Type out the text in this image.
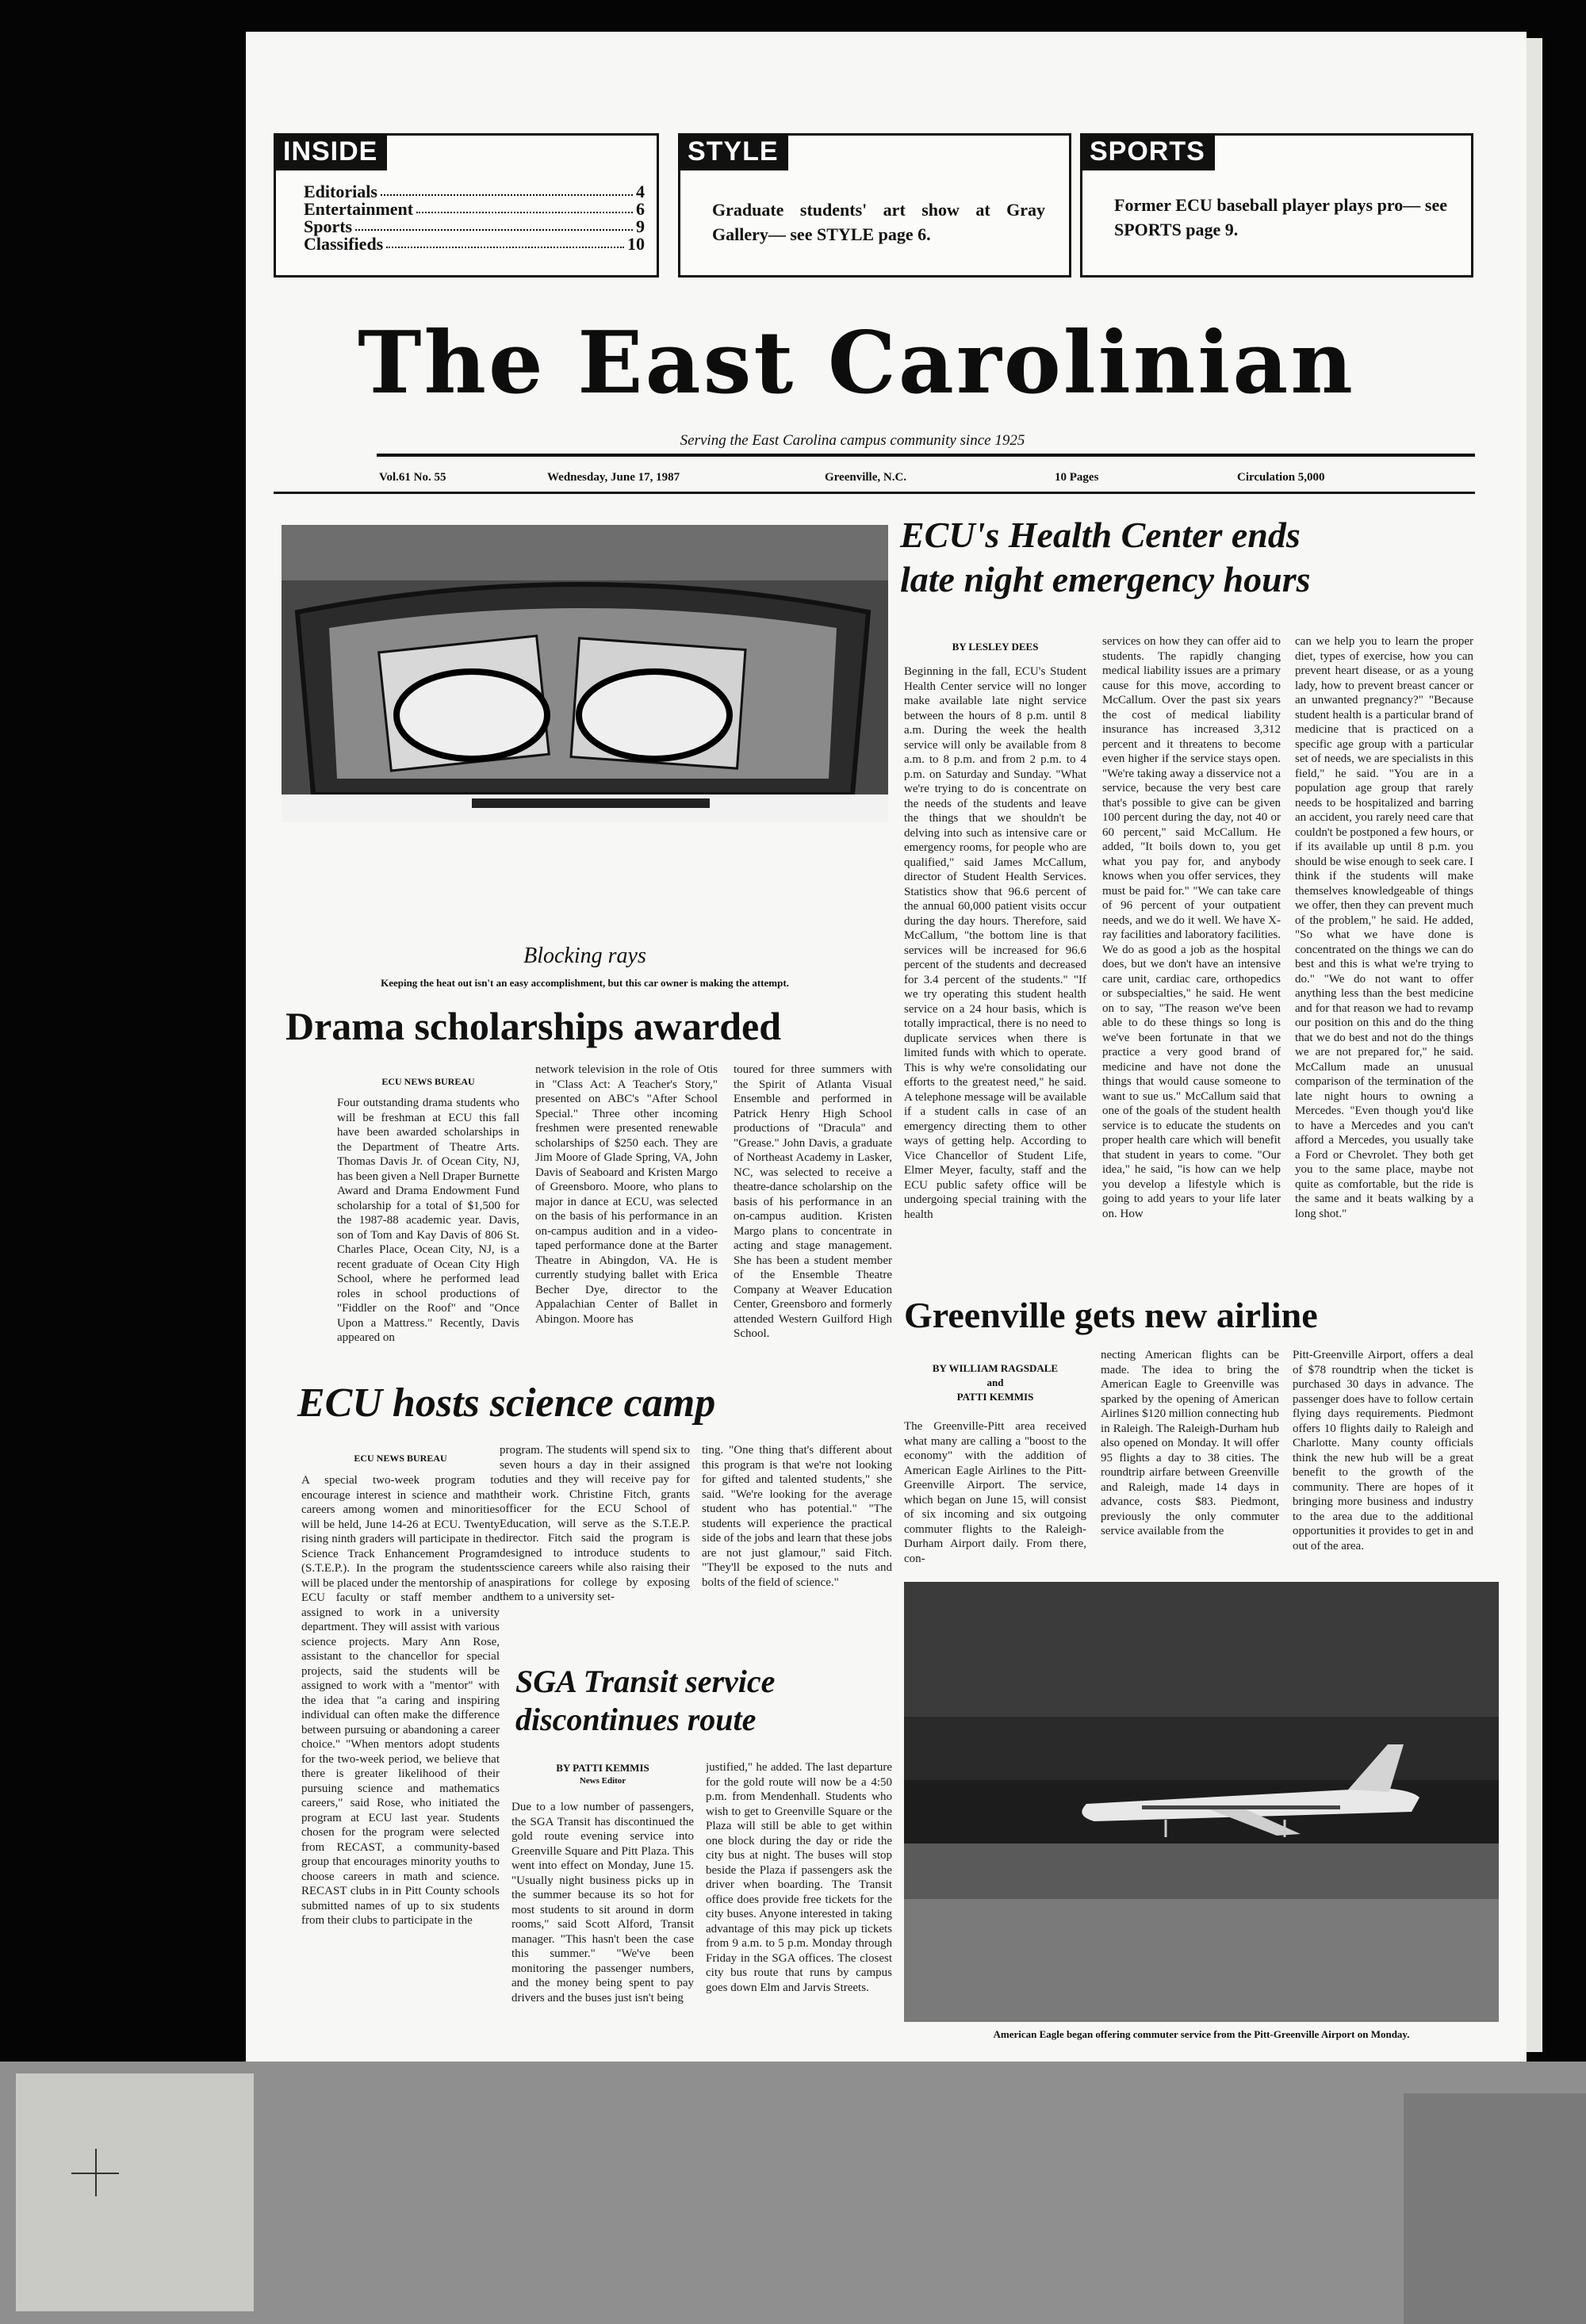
INSIDE
Editorials	4
Entertainment	6
Sports	9
Classifieds	10
STYLE
Graduate students' art show at Gray Gallery— see STYLE page 6.
SPORTS
Former ECU baseball player plays pro— see SPORTS page 9.
The East Carolinian
Serving the East Carolina campus community since 1925
Vol.61 No. 55	Wednesday, June 17, 1987	Greenville, N.C.	10 Pages	Circulation 5,000
Blocking rays
Keeping the heat out isn't an easy accomplishment, but this car owner is making the attempt.
ECU's Health Center ends
late night emergency hours
BY LESLEY DEES
Beginning in the fall, ECU's Student Health Center service will no longer make available late night service between the hours of 8 p.m. until 8 a.m. During the week the health service will only be available from 8 a.m. to 8 p.m. and from 2 p.m. to 4 p.m. on Saturday and Sunday. "What we're trying to do is concentrate on the needs of the students and leave the things that we shouldn't be delving into such as intensive care or emergency rooms, for people who are qualified," said James McCallum, director of Student Health Services. Statistics show that 96.6 percent of the annual 60,000 patient visits occur during the day hours. Therefore, said McCallum, "the bottom line is that services will be increased for 96.6 percent of the students and decreased for 3.4 percent of the students." "If we try operating this student health service on a 24 hour basis, which is totally impractical, there is no need to duplicate services when there is limited funds with which to operate. This is why we're consolidating our efforts to the greatest need," he said. A telephone message will be available if a student calls in case of an emergency directing them to other ways of getting help. According to Vice Chancellor of Student Life, Elmer Meyer, faculty, staff and the ECU public safety office will be undergoing special training with the health
services on how they can offer aid to students. The rapidly changing medical liability issues are a primary cause for this move, according to McCallum. Over the past six years the cost of medical liability insurance has increased 3,312 percent and it threatens to become even higher if the service stays open. "We're taking away a disservice not a service, because the very best care that's possible to give can be given 100 percent during the day, not 40 or 60 percent," said McCallum. He added, "It boils down to, you get what you pay for, and anybody knows when you offer services, they must be paid for." "We can take care of 96 percent of your outpatient needs, and we do it well. We have X-ray facilities and laboratory facilities. We do as good a job as the hospital does, but we don't have an intensive care unit, cardiac care, orthopedics or subspecialties," he said. He went on to say, "The reason we've been able to do these things so long is we've been fortunate in that we practice a very good brand of medicine and have not done the things that would cause someone to want to sue us." McCallum said that one of the goals of the student health service is to educate the students on proper health care which will benefit that student in years to come. "Our idea," he said, "is how can we help you develop a lifestyle which is going to add years to your life later on. How
can we help you to learn the proper diet, types of exercise, how you can prevent heart disease, or as a young lady, how to prevent breast cancer or an unwanted pregnancy?" "Because student health is a particular brand of medicine that is practiced on a specific age group with a particular set of needs, we are specialists in this field," he said. "You are in a population age group that rarely needs to be hospitalized and barring an accident, you rarely need care that couldn't be postponed a few hours, or if its available up until 8 p.m. you should be wise enough to seek care. I think if the students will make themselves knowledgeable of things we offer, then they can prevent much of the problem," he said. He added, "So what we have done is concentrated on the things we can do best and this is what we're trying to do." "We do not want to offer anything less than the best medicine and for that reason we had to revamp our position on this and do the thing that we do best and not do the things we are not prepared for," he said. McCallum made an unusual comparison of the termination of the late night hours to owning a Mercedes. "Even though you'd like to have a Mercedes and you can't afford a Mercedes, you usually take a Ford or Chevrolet. They both get you to the same place, maybe not quite as comfortable, but the ride is the same and it beats walking by a long shot."
Drama scholarships awarded
ECU NEWS BUREAU
Four outstanding drama students who will be freshman at ECU this fall have been awarded scholarships in the Department of Theatre Arts. Thomas Davis Jr. of Ocean City, NJ, has been given a Nell Draper Burnette Award and Drama Endowment Fund scholarship for a total of $1,500 for the 1987-88 academic year. Davis, son of Tom and Kay Davis of 806 St. Charles Place, Ocean City, NJ, is a recent graduate of Ocean City High School, where he performed lead roles in school productions of "Fiddler on the Roof" and "Once Upon a Mattress." Recently, Davis appeared on
network television in the role of Otis in "Class Act: A Teacher's Story," presented on ABC's "After School Special." Three other incoming freshmen were presented renewable scholarships of $250 each. They are Jim Moore of Glade Spring, VA, John Davis of Seaboard and Kristen Margo of Greensboro. Moore, who plans to major in dance at ECU, was selected on the basis of his performance in an on-campus audition and in a video-taped performance done at the Barter Theatre in Abingdon, VA. He is currently studying ballet with Erica Becher Dye, director to the Appalachian Center of Ballet in Abingon. Moore has
toured for three summers with the Spirit of Atlanta Visual Ensemble and performed in Patrick Henry High School productions of "Dracula" and "Grease." John Davis, a graduate of Northeast Academy in Lasker, NC, was selected to receive a theatre-dance scholarship on the basis of his performance in an on-campus audition. Kristen Margo plans to concentrate in acting and stage management. She has been a student member of the Ensemble Theatre Company at Weaver Education Center, Greensboro and formerly attended Western Guilford High School.
ECU hosts science camp
ECU NEWS BUREAU
A special two-week program to encourage interest in science and math careers among women and minorities will be held, June 14-26 at ECU. Twenty rising ninth graders will participate in the Science Track Enhancement Program (S.T.E.P.). In the program the students will be placed under the mentorship of an ECU faculty or staff member and assigned to work in a university department. They will assist with various science projects. Mary Ann Rose, assistant to the chancellor for special projects, said the students will be assigned to work with a "mentor" with the idea that "a caring and inspiring individual can often make the difference between pursuing or abandoning a career choice." "When mentors adopt students for the two-week period, we believe that there is greater likelihood of their pursuing science and mathematics careers," said Rose, who initiated the program at ECU last year. Students chosen for the program were selected from RECAST, a community-based group that encourages minority youths to choose careers in math and science. RECAST clubs in in Pitt County schools submitted names of up to six students from their clubs to participate in the
program. The students will spend six to seven hours a day in their assigned duties and they will receive pay for their work. Christine Fitch, grants officer for the ECU School of Education, will serve as the S.T.E.P. director. Fitch said the program is designed to introduce students to science careers while also raising their aspirations for college by exposing them to a university set-
ting. "One thing that's different about this program is that we're not looking for gifted and talented students," she said. "We're looking for the average student who has potential." "The students will experience the practical side of the jobs and learn that these jobs are not just glamour," said Fitch. "They'll be exposed to the nuts and bolts of the field of science."
SGA Transit service
discontinues route
BY PATTI KEMMIS
News Editor
Due to a low number of passengers, the SGA Transit has discontinued the gold route evening service into Greenville Square and Pitt Plaza. This went into effect on Monday, June 15. "Usually night business picks up in the summer because its so hot for most students to sit around in dorm rooms," said Scott Alford, Transit manager. "This hasn't been the case this summer." "We've been monitoring the passenger numbers, and the money being spent to pay drivers and the buses just isn't being
justified," he added. The last departure for the gold route will now be a 4:50 p.m. from Mendenhall. Students who wish to get to Greenville Square or the Plaza will still be able to get within one block during the day or ride the city bus at night. The buses will stop beside the Plaza if passengers ask the driver when boarding. The Transit office does provide free tickets for the city buses. Anyone interested in taking advantage of this may pick up tickets from 9 a.m. to 5 p.m. Monday through Friday in the SGA offices. The closest city bus route that runs by campus goes down Elm and Jarvis Streets.
Greenville gets new airline
BY WILLIAM RAGSDALE
and
PATTI KEMMIS
The Greenville-Pitt area received what many are calling a "boost to the economy" with the addition of American Eagle Airlines to the Pitt-Greenville Airport. The service, which began on June 15, will consist of six incoming and six outgoing commuter flights to the Raleigh-Durham Airport daily. From there, con-
necting American flights can be made. The idea to bring the American Eagle to Greenville was sparked by the opening of American Airlines $120 million connecting hub in Raleigh. The Raleigh-Durham hub also opened on Monday. It will offer 95 flights a day to 38 cities. The roundtrip airfare between Greenville and Raleigh, made 14 days in advance, costs $83. Piedmont, previously the only commuter service available from the
Pitt-Greenville Airport, offers a deal of $78 roundtrip when the ticket is purchased 30 days in advance. The passenger does have to follow certain flying days requirements. Piedmont offers 10 flights daily to Raleigh and Charlotte. Many county officials think the new hub will be a great benefit to the growth of the community. There are hopes of it bringing more business and industry to the area due to the additional opportunities it provides to get in and out of the area.
American Eagle began offering commuter service from the Pitt-Greenville Airport on Monday.
